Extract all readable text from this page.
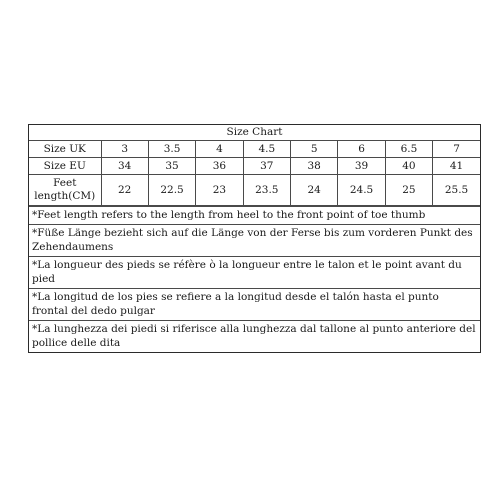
Size Chart								
Size UK	3	3.5	4	4.5	5	6	6.5	7
Size EU	34	35	36	37	38	39	40	41

Feet
length(CM)	22	22.5	23	23.5	24	24.5	25	25.5
*Feet length refers to the length from heel to the front point of toe thumb
*Füße Länge bezieht sich auf die Länge von der Ferse bis zum vorderen Punkt des Zehendaumens
*La longueur des pieds se réfère ò la longueur entre le talon et le point avant du pied
*La longitud de los pies se refiere a la longitud desde el talón hasta el punto frontal del dedo pulgar
*La lunghezza dei piedi si riferisce alla lunghezza dal tallone al punto anteriore del pollice delle dita
